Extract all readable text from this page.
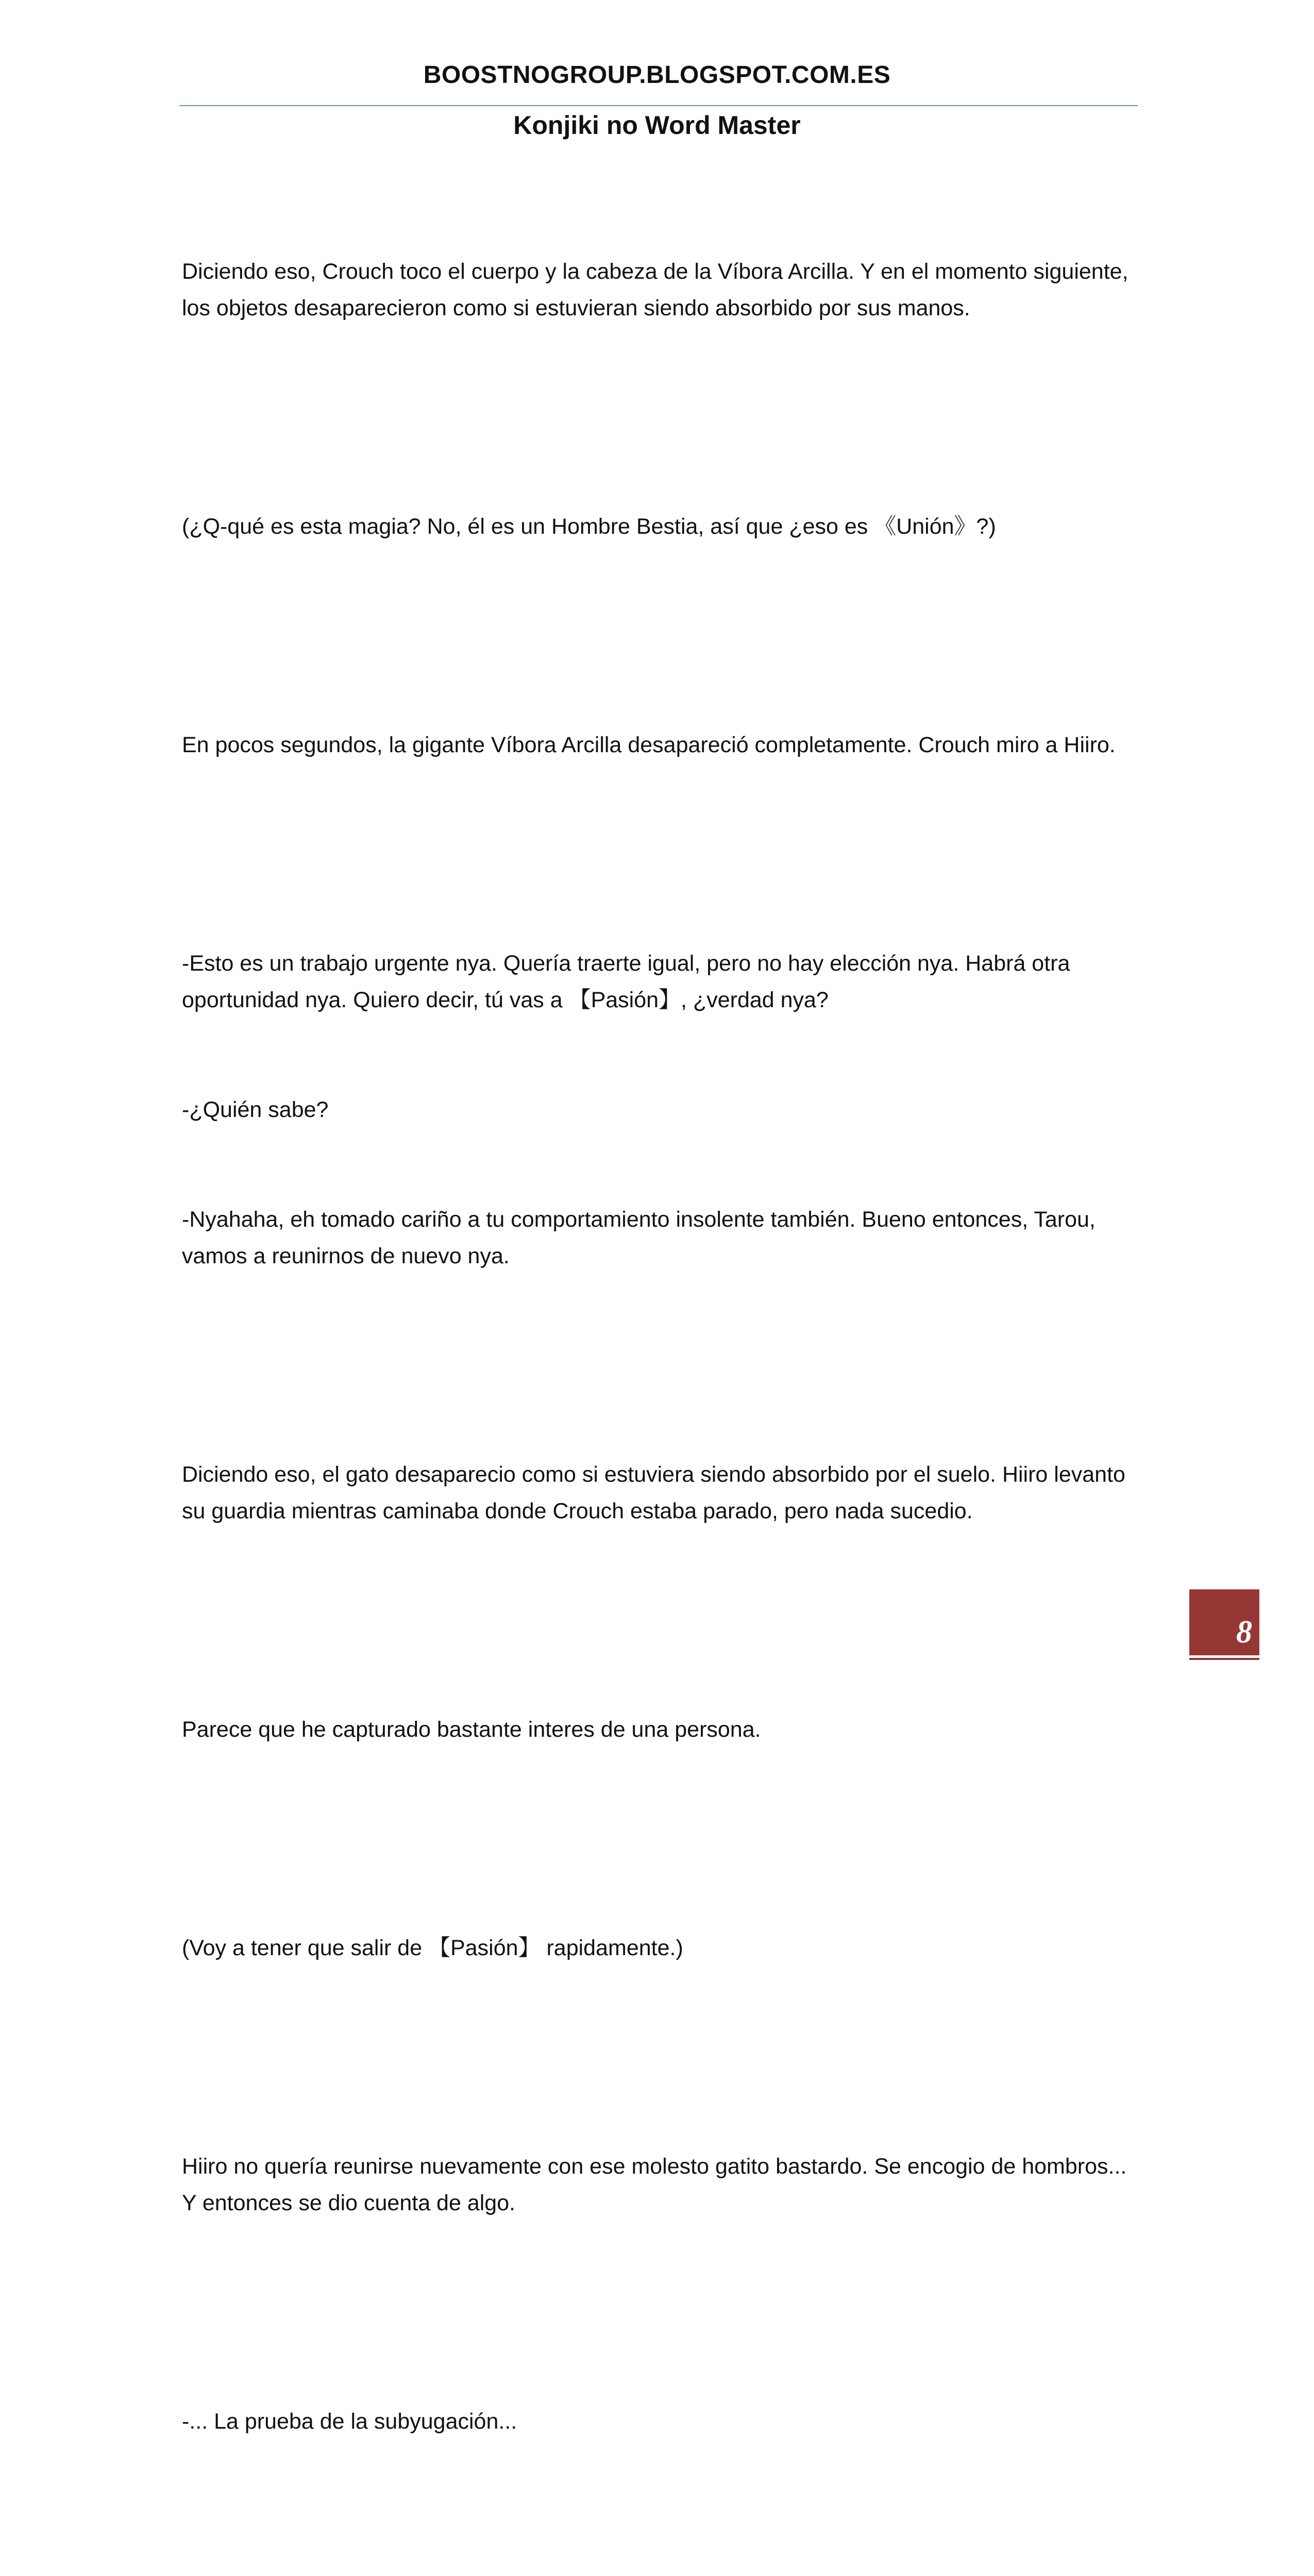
BOOSTNOGROUP.BLOGSPOT.COM.ES
Konjiki no Word Master

Diciendo eso, Crouch toco el cuerpo y la cabeza de la Víbora Arcilla. Y en el momento siguiente, los objetos desaparecieron como si estuvieran siendo absorbido por sus manos.

(¿Q-qué es esta magia? No, él es un Hombre Bestia, así que ¿eso es 《Unión》?)

En pocos segundos, la gigante Víbora Arcilla desapareció completamente. Crouch miro a Hiiro.

-Esto es un trabajo urgente nya. Quería traerte igual, pero no hay elección nya. Habrá otra oportunidad nya. Quiero decir, tú vas a 【Pasión】, ¿verdad nya?

-¿Quién sabe?

-Nyahaha, eh tomado cariño a tu comportamiento insolente también. Bueno entonces, Tarou, vamos a reunirnos de nuevo nya.

Diciendo eso, el gato desaparecio como si estuviera siendo absorbido por el suelo. Hiiro levanto su guardia mientras caminaba donde Crouch estaba parado, pero nada sucedio.

Parece que he capturado bastante interes de una persona.

(Voy a tener que salir de 【Pasión】 rapidamente.)

Hiiro no quería reunirse nuevamente con ese molesto gatito bastardo. Se encogio de hombros... Y entonces se dio cuenta de algo.

-... La prueba de la subyugación...

8
